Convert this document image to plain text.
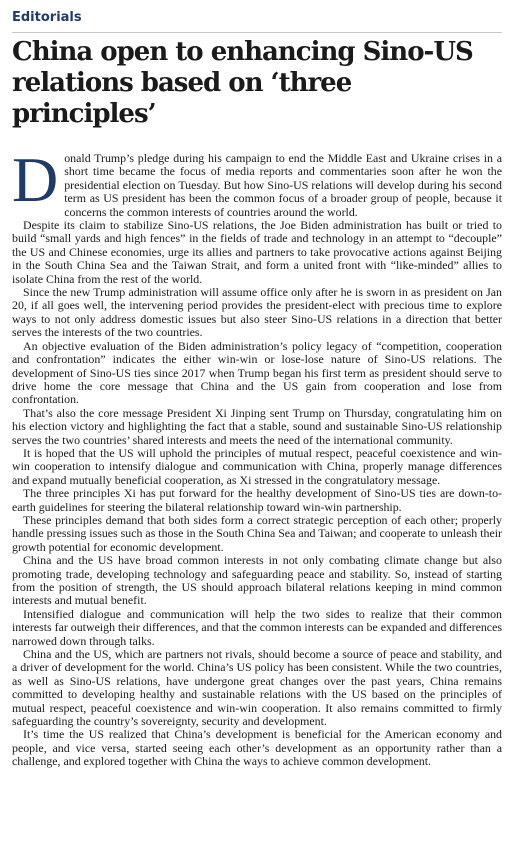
Editorials
China open to enhancing Sino-US relations based on ‘three principles’

Donald Trump’s pledge during his campaign to end the Middle East and Ukraine crises in a short time became the focus of media reports and commentaries soon after he won the presidential election on Tuesday. But how Sino-US relations will develop during his second term as US president has been the common focus of a broader group of people, because it concerns the common interests of countries around the world.

Despite its claim to stabilize Sino-US relations, the Joe Biden administration has built or tried to build “small yards and high fences” in the fields of trade and technology in an attempt to “decouple” the US and Chinese economies, urge its allies and partners to take provocative actions against Beijing in the South China Sea and the Taiwan Strait, and form a united front with “like-minded” allies to isolate China from the rest of the world.

Since the new Trump administration will assume office only after he is sworn in as president on Jan 20, if all goes well, the intervening period provides the president-elect with precious time to explore ways to not only address domestic issues but also steer Sino-US relations in a direction that better serves the interests of the two countries.

An objective evaluation of the Biden administration’s policy legacy of “competition, cooperation and confrontation” indicates the either win-win or lose-lose nature of Sino-US relations. The development of Sino-US ties since 2017 when Trump began his first term as president should serve to drive home the core message that China and the US gain from cooperation and lose from confrontation.

That’s also the core message President Xi Jinping sent Trump on Thursday, congratulating him on his election victory and highlighting the fact that a stable, sound and sustainable Sino-US relationship serves the two countries’ shared interests and meets the need of the international community.

It is hoped that the US will uphold the principles of mutual respect, peaceful coexistence and win-win cooperation to intensify dialogue and communication with China, properly manage differences and expand mutually beneficial cooperation, as Xi stressed in the congratulatory message.

The three principles Xi has put forward for the healthy development of Sino-US ties are down-to-earth guidelines for steering the bilateral relationship toward win-win partnership.

These principles demand that both sides form a correct strategic perception of each other; properly handle pressing issues such as those in the South China Sea and Taiwan; and cooperate to unleash their growth potential for economic development.

China and the US have broad common interests in not only combating climate change but also promoting trade, developing technology and safeguarding peace and stability. So, instead of starting from the position of strength, the US should approach bilateral relations keeping in mind common interests and mutual benefit.

Intensified dialogue and communication will help the two sides to realize that their common interests far outweigh their differences, and that the common interests can be expanded and differences narrowed down through talks.

China and the US, which are partners not rivals, should become a source of peace and stability, and a driver of development for the world. China’s US policy has been consistent. While the two countries, as well as Sino-US relations, have undergone great changes over the past years, China remains committed to developing healthy and sustainable relations with the US based on the principles of mutual respect, peaceful coexistence and win-win cooperation. It also remains committed to firmly safeguarding the country’s sovereignty, security and development.

It’s time the US realized that China’s development is beneficial for the American economy and people, and vice versa, started seeing each other’s development as an opportunity rather than a challenge, and explored together with China the ways to achieve common development.
